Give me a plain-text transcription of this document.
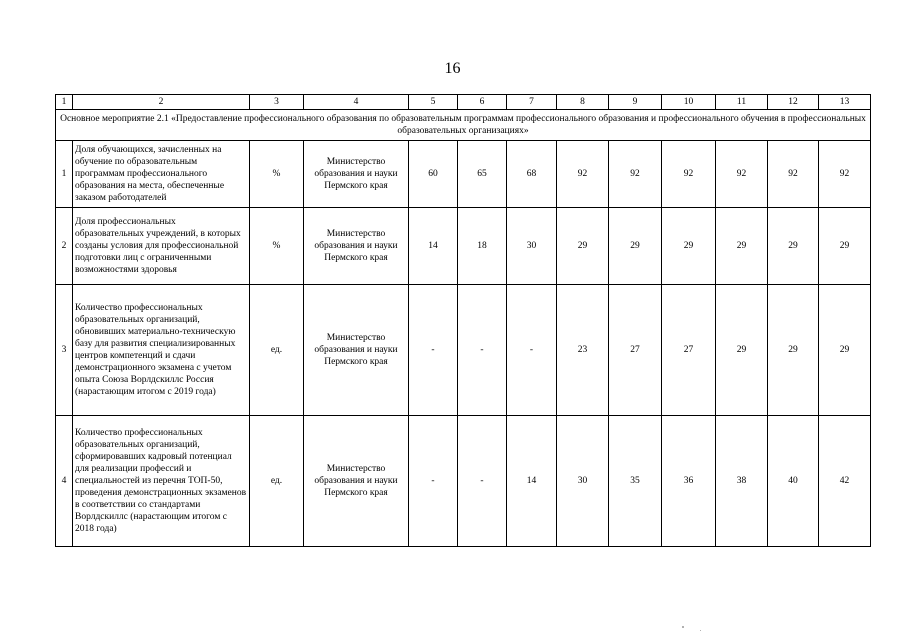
16
1	2	3	4	5	6	7	8	9	10	11	12	13
Основное мероприятие 2.1 «Предоставление профессионального образования по образовательным программам профессионального образования и профессионального обучения в профессиональных образовательных организациях»												
1	Доля обучающихся, зачисленных на обучение по образовательным программам профессионального образования на места, обеспеченные заказом работодателей	%	Министерство образования и науки Пермского края	60	65	68	92	92	92	92	92	92
2	Доля профессиональных образовательных учреждений, в которых созданы условия для профессиональной подготовки лиц с ограниченными возможностями здоровья	%	Министерство образования и науки Пермского края	14	18	30	29	29	29	29	29	29
3	Количество профессиональных образовательных организаций, обновивших материально-техническую базу для развития специализированных центров компетенций и сдачи демонстрационного экзамена с учетом опыта Союза Ворлдскиллс Россия (нарастающим итогом с 2019 года)	ед.	Министерство образования и науки Пермского края	-	-	-	23	27	27	29	29	29
4	Количество профессиональных образовательных организаций, сформировавших кадровый потенциал для реализации профессий и специальностей из перечня ТОП-50, проведения демонстрационных экзаменов в соответствии со стандартами Ворлдскиллс (нарастающим итогом с 2018 года)	ед.	Министерство образования и науки Пермского края	-	-	14	30	35	36	38	40	42
